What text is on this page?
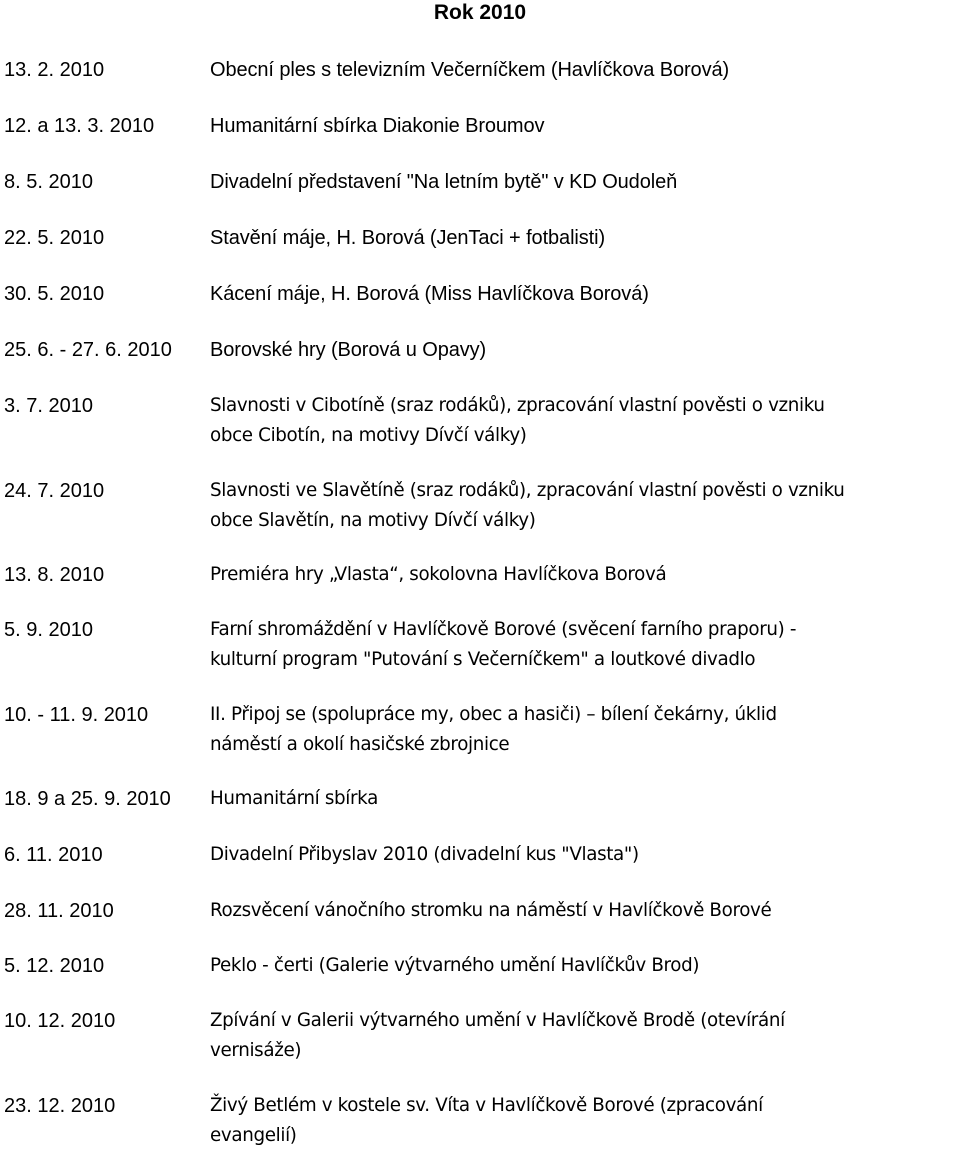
Rok 2010
13. 2. 2010	Obecní ples s televizním Večerníčkem (Havlíčkova Borová)
12. a 13. 3. 2010	Humanitární sbírka Diakonie Broumov
8. 5. 2010	Divadelní představení "Na letním bytě" v KD Oudoleň
22. 5. 2010	Stavění máje, H. Borová (JenTaci + fotbalisti)
30. 5. 2010	Kácení máje, H. Borová (Miss Havlíčkova Borová)
25. 6. - 27. 6. 2010 Borovské hry (Borová u Opavy)
3. 7. 2010	Slavnosti v Cibotíně (sraz rodáků), zpracování vlastní pověsti o vzniku
obce Cibotín, na motivy Dívčí války)
24. 7. 2010	Slavnosti ve Slavětíně (sraz rodáků), zpracování vlastní pověsti o vzniku
obce Slavětín, na motivy Dívčí války)
13. 8. 2010	Premiéra hry „Vlasta“, sokolovna Havlíčkova Borová
5. 9. 2010	Farní shromáždění v Havlíčkově Borové (svěcení farního praporu) -
kulturní program "Putování s Večerníčkem" a loutkové divadlo
10. - 11. 9. 2010	II. Připoj se (spolupráce my, obec a hasiči) – bílení čekárny, úklid
náměstí a okolí hasičské zbrojnice
18. 9 a 25. 9. 2010 Humanitární sbírka
6. 11. 2010	Divadelní Přibyslav 2010 (divadelní kus "Vlasta")
28. 11. 2010	Rozsvěcení vánočního stromku na náměstí v Havlíčkově Borové
5. 12. 2010	Peklo - čerti (Galerie výtvarného umění Havlíčkův Brod)
10. 12. 2010	Zpívání v Galerii výtvarného umění v Havlíčkově Brodě (otevírání
vernisáže)
23. 12. 2010	Živý Betlém v kostele sv. Víta v Havlíčkově Borové (zpracování
evangelií)
